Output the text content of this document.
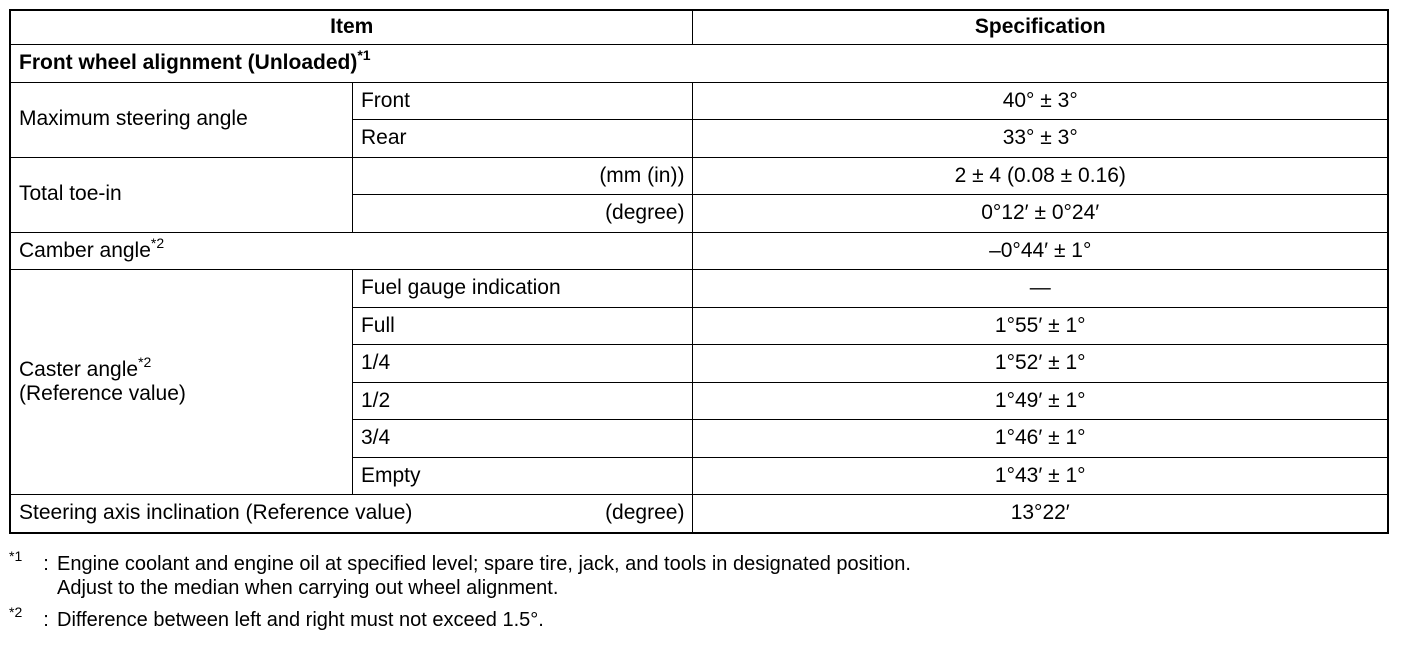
Item		Specification
Front wheel alignment (Unloaded)$^{*1}$
Maximum steering angle	Front	40° ± 3°
	Rear	33° ± 3°
Total toe-in	(mm (in))	2 ± 4 (0.08 ± 0.16)
	(degree)	0°12′ ± 0°24′
Camber angle$^{*2}$		–0°44′ ± 1°

Caster angle$^{*2}$
(Reference value)	Fuel gauge indication	—
	Full	1°55′ ± 1°
	1/4	1°52′ ± 1°
	1/2	1°49′ ± 1°
	3/4	1°46′ ± 1°
	Empty	1°43′ ± 1°

Steering axis inclination (Reference value) (degree)		13°22′
$^{*1}$	: Engine coolant and engine oil at specified level; spare tire, jack, and tools in designated position.
Adjust to the median when carrying out wheel alignment.
$^{*2}$	: Difference between left and right must not exceed 1.5°.
